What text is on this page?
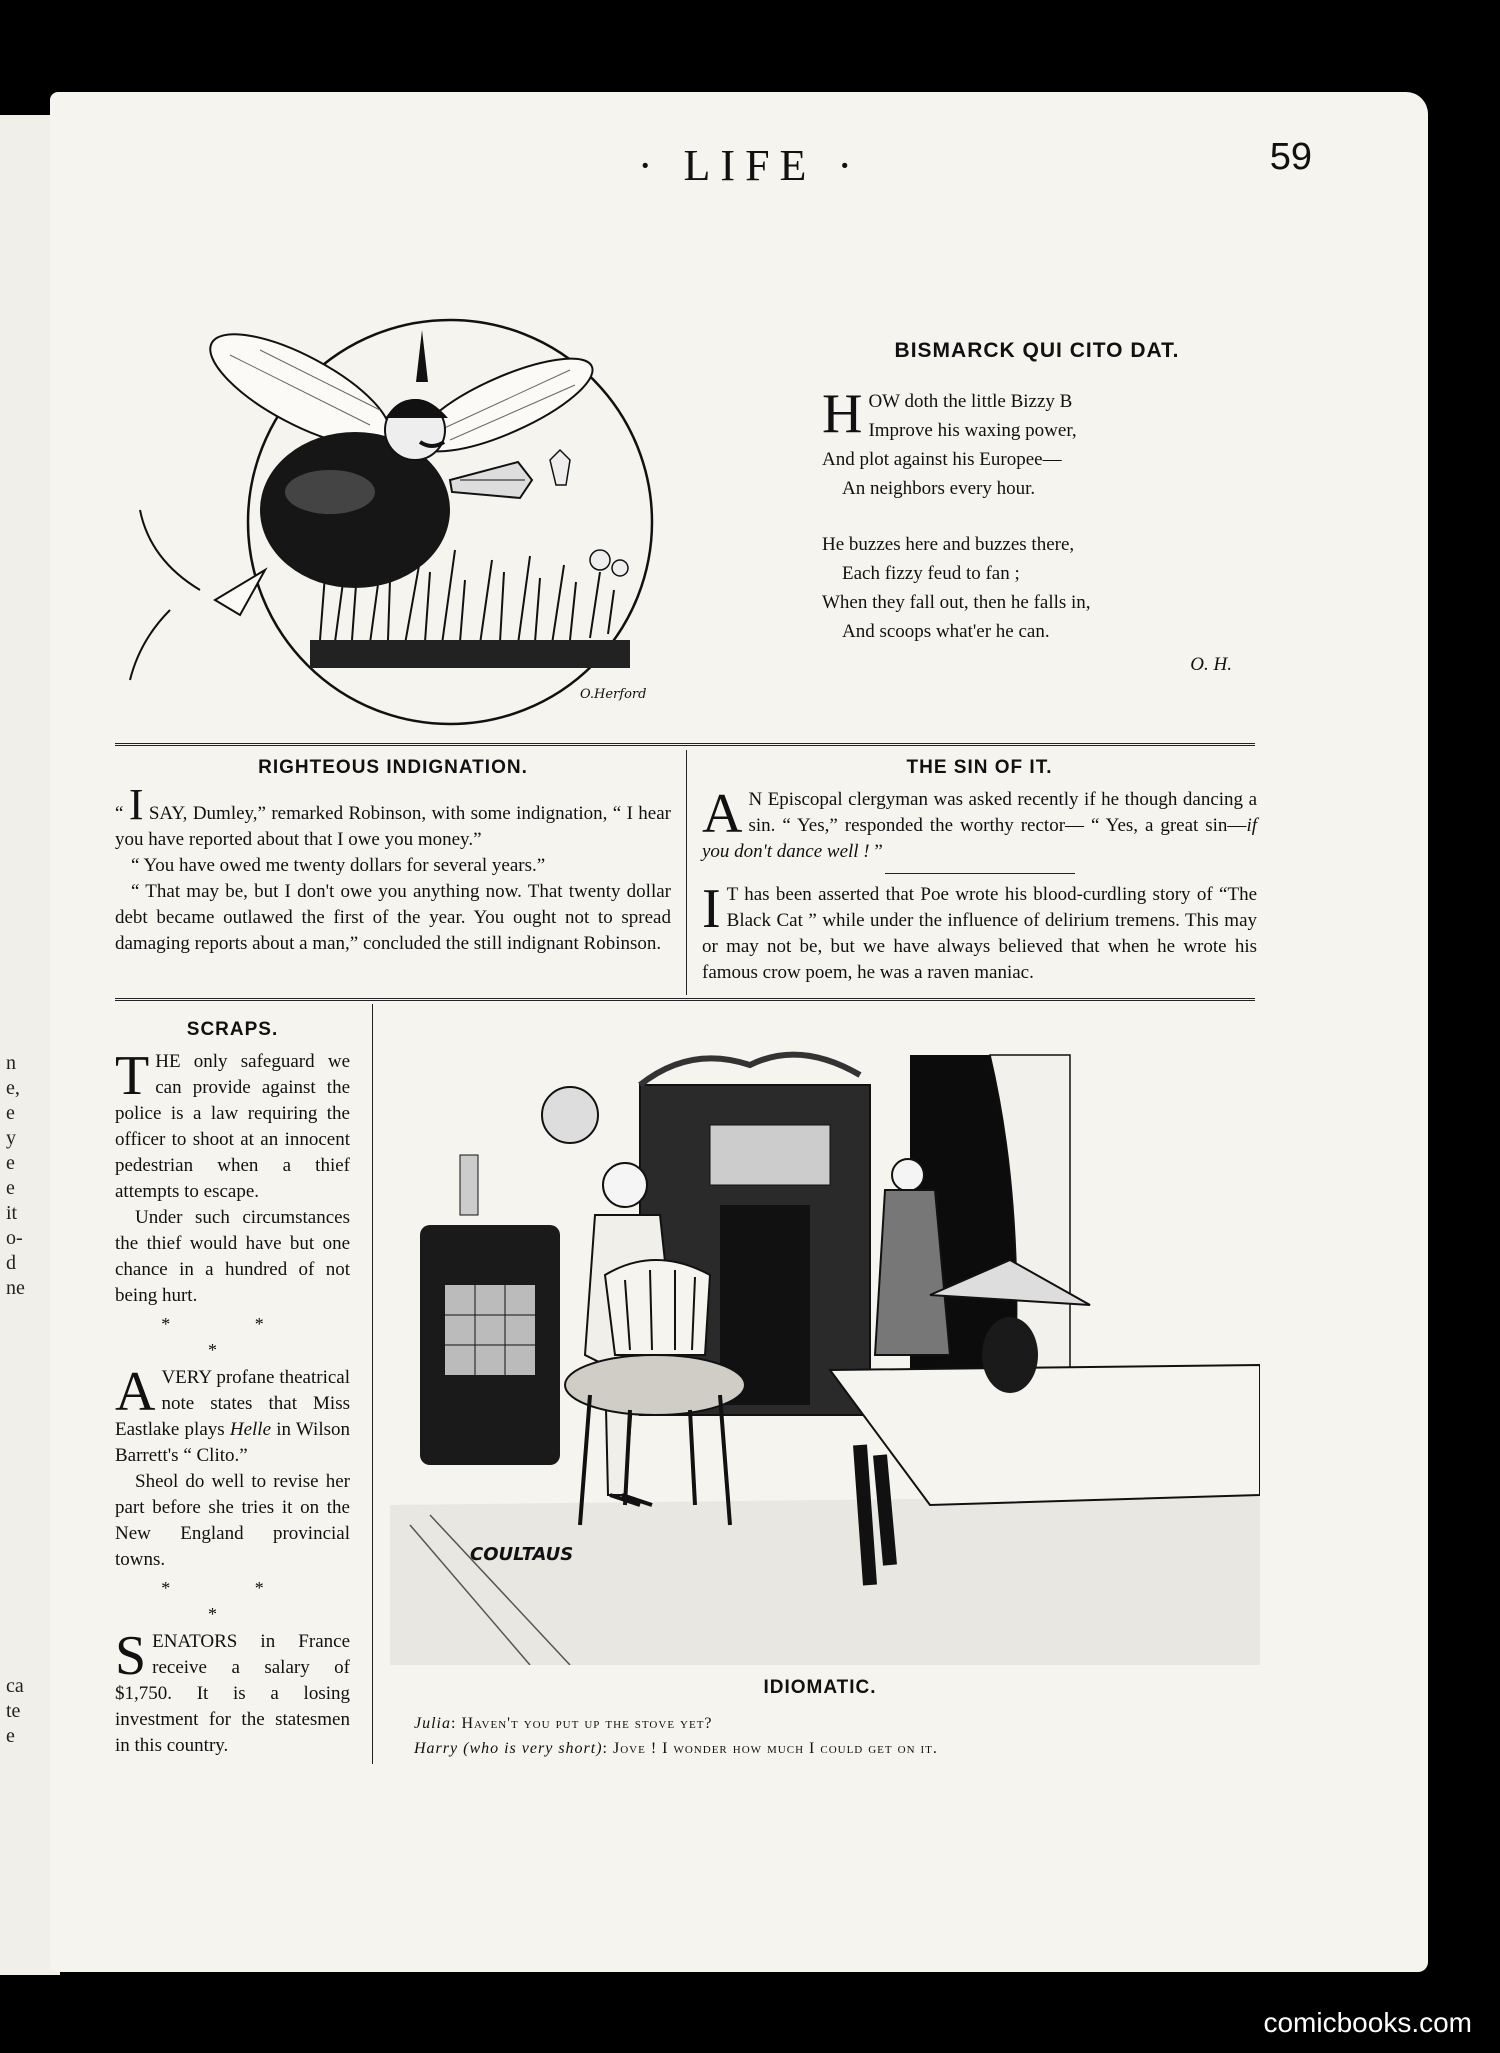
n
e,
e
y
e
e
it
o-
d
ne
ca
te
e
· LIFE ·	59
O.Herford
BISMARCK QUI CITO DAT.
H OW doth the little Bizzy B
Improve his waxing power,
And plot against his Europee—
An neighbors every hour.
He buzzes here and buzzes there,
Each fizzy feud to fan ;
When they fall out, then he falls in,
And scoops what'er he can.
O. H.
RIGHTEOUS INDIGNATION.

“ I SAY, Dumley,” remarked Robinson, with some indignation, “ I hear you have reported about that I owe you money.”

“ You have owed me twenty dollars for several years.”

“ That may be, but I don't owe you anything now. That twenty dollar debt became outlawed the first of the year. You ought not to spread damaging reports about a man,” concluded the still indignant Robinson.

THE SIN OF IT.

A N Episcopal clergyman was asked recently if he though dancing a sin. “ Yes,” responded the worthy rector— “ Yes, a great sin—if you don't dance well ! ”

I T has been asserted that Poe wrote his blood-curdling story of “The Black Cat ” while under the influence of delirium tremens. This may or may not be, but we have always believed that when he wrote his famous crow poem, he was a raven maniac.

SCRAPS.

THE only safeguard we can provide against the police is a law requiring the officer to shoot at an innocent pedestrian when a thief attempts to escape.

Under such circumstances the thief would have but one chance in a hundred of not being hurt.

* * *

A VERY profane theatrical note states that Miss Eastlake plays Helle in Wilson Barrett's “ Clito.”

Sheol do well to revise her part before she tries it on the New England provincial towns.

* * *

SENATORS in France receive a salary of $1,750. It is a losing investment for the statesmen in this country.

COULTAUS
IDIOMATIC.
Julia: Haven't you put up the stove yet?
Harry (who is very short): Jove ! I wonder how much I could get on it.
comicbooks.com
